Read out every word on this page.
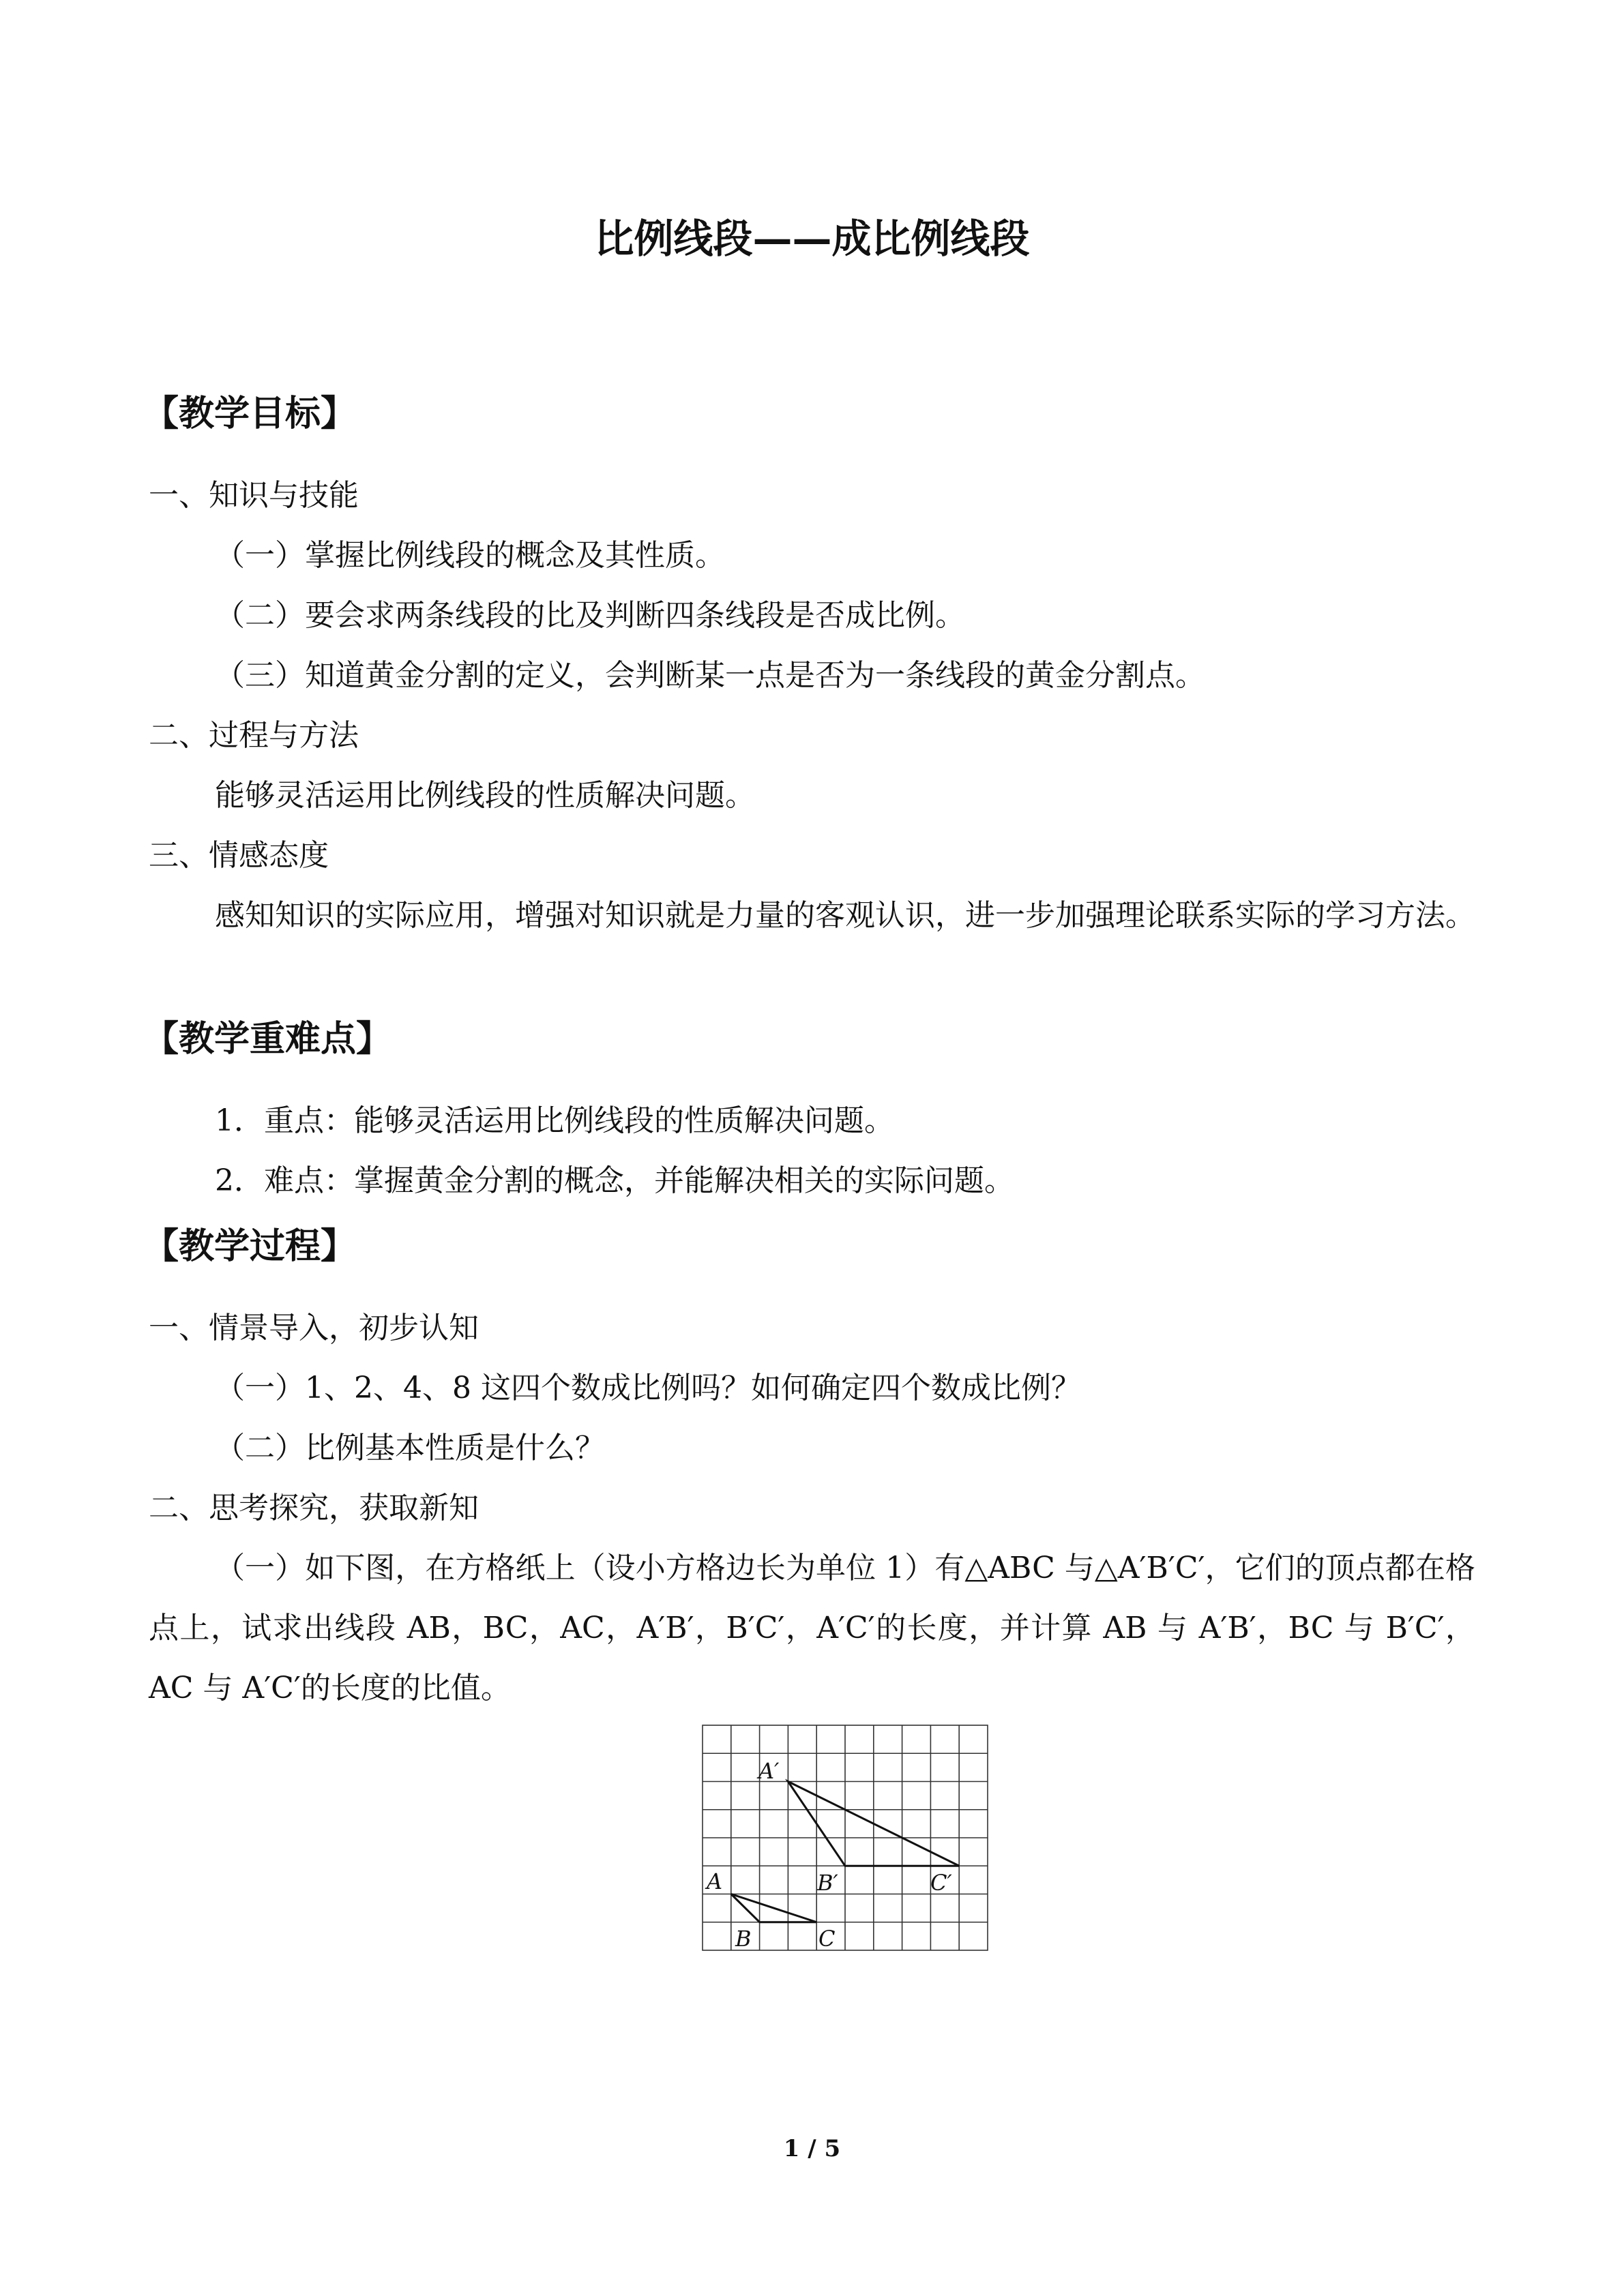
比例线段——成比例线段
【教学目标】
一、知识与技能
（一）掌握比例线段的概念及其性质。
（二）要会求两条线段的比及判断四条线段是否成比例。
（三）知道黄金分割的定义，会判断某一点是否为一条线段的黄金分割点。
二、过程与方法
能够灵活运用比例线段的性质解决问题。
三、情感态度
感知知识的实际应用，增强对知识就是力量的客观认识，进一步加强理论联系实际的学习方法。
【教学重难点】
1．重点：能够灵活运用比例线段的性质解决问题。
2．难点：掌握黄金分割的概念，并能解决相关的实际问题。
【教学过程】
一、情景导入，初步认知
（一）1、2、4、8 这四个数成比例吗？如何确定四个数成比例？
（二）比例基本性质是什么？
二、思考探究，获取新知
（一）如下图，在方格纸上（设小方格边长为单位 1）有△ABC 与△A′B′C′，它们的顶点都在格点上，试求出线段 AB，BC，AC，A′B′，B′C′，A′C′的长度，并计算 AB 与 A′B′，BC 与 B′C′，AC 与 A′C′的长度的比值。
A′
B′	C′
A
B	C
1 / 5
